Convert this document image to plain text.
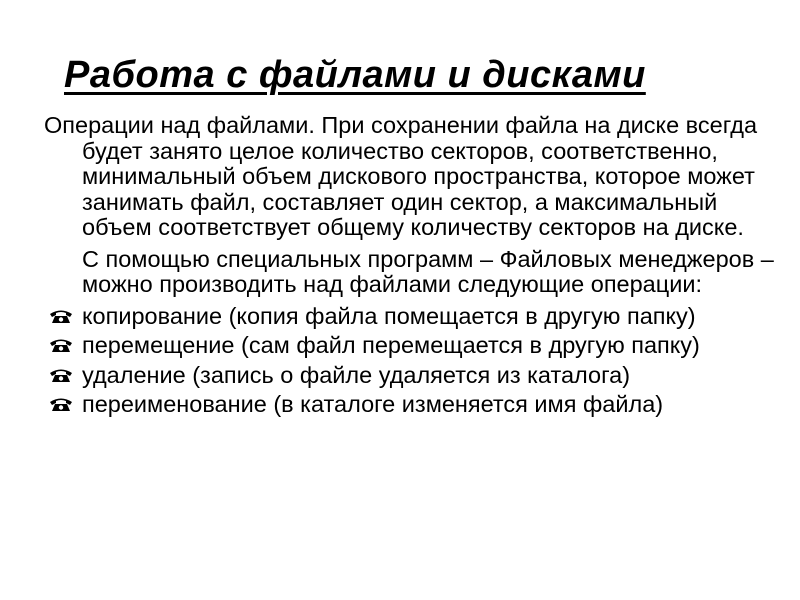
Работа с файлами и дисками

Операции над файлами. При сохранении файла на диске всегда будет занято целое количество секторов, соответственно, минимальный объем дискового пространства, которое может занимать файл, составляет один сектор, а максимальный объем соответствует общему количеству секторов на диске.

С помощью специальных программ – Файловых менеджеров – можно производить над файлами следующие операции:

копирование (копия файла помещается в другую папку)
перемещение (сам файл перемещается в другую папку)
удаление (запись о файле удаляется из каталога)
переименование (в каталоге изменяется имя файла)
